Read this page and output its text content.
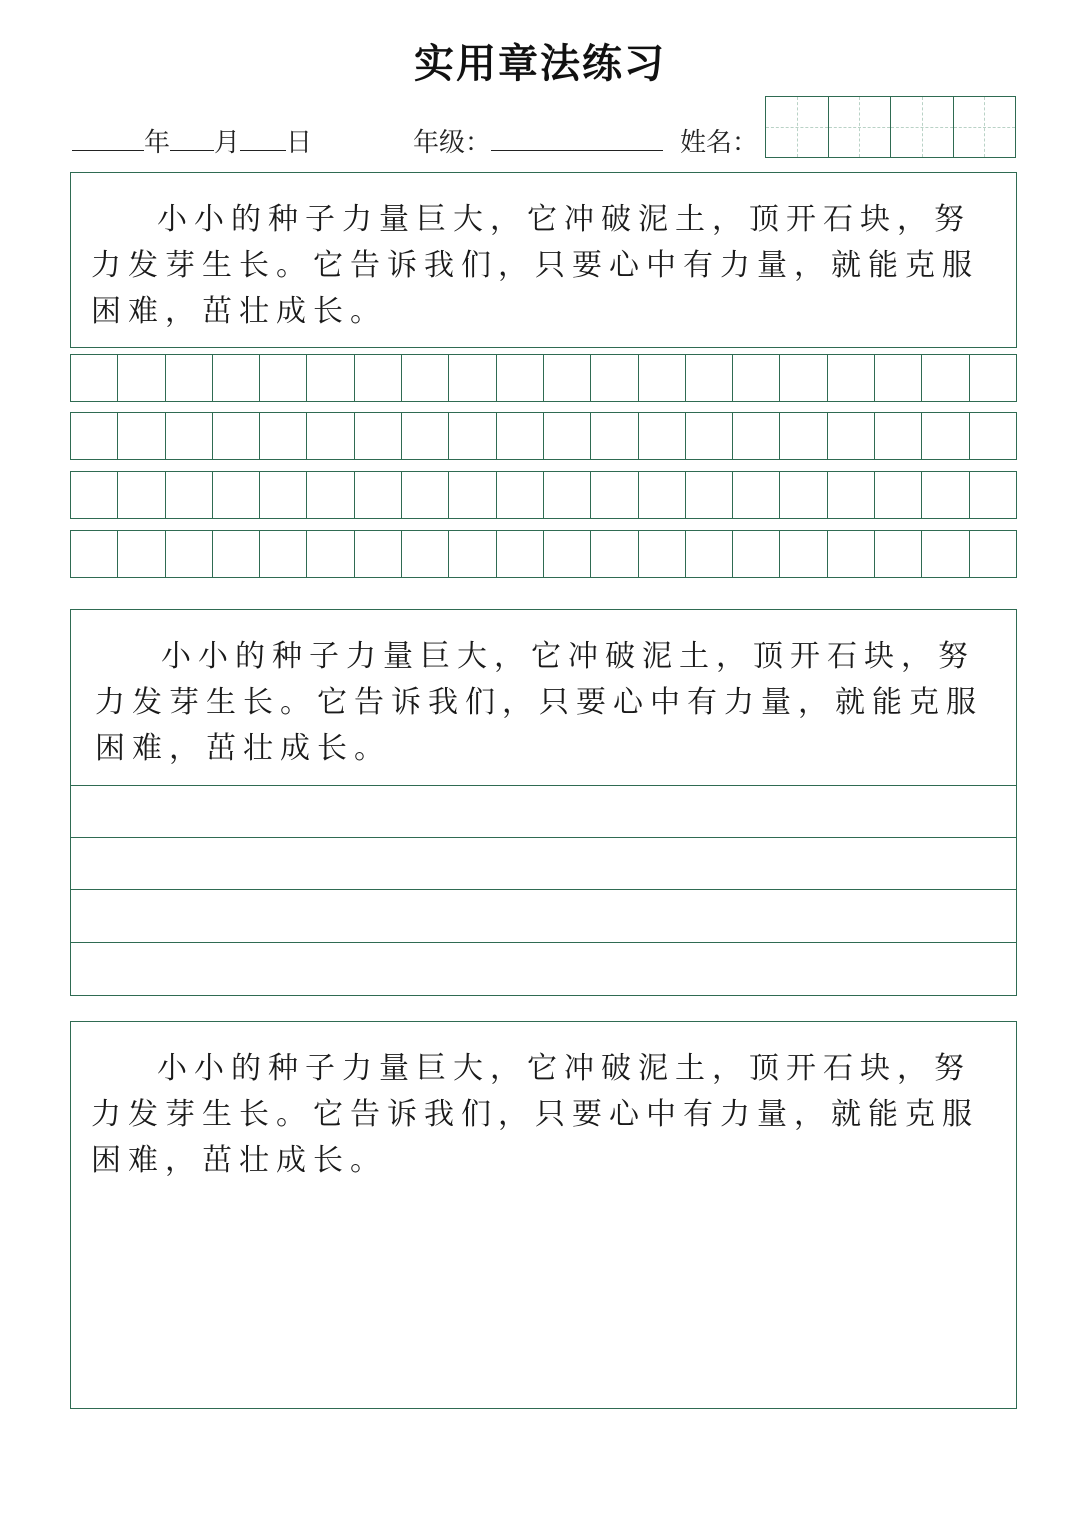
实用章法练习
年 月 日	年级：	姓名：

小小的种子力量巨大，它冲破泥土，顶开石块，努力发芽生长。它告诉我们，只要心中有力量，就能克服困难，茁壮成长。

小小的种子力量巨大，它冲破泥土，顶开石块，努力发芽生长。它告诉我们，只要心中有力量，就能克服困难，茁壮成长。

小小的种子力量巨大，它冲破泥土，顶开石块，努力发芽生长。它告诉我们，只要心中有力量，就能克服困难，茁壮成长。
